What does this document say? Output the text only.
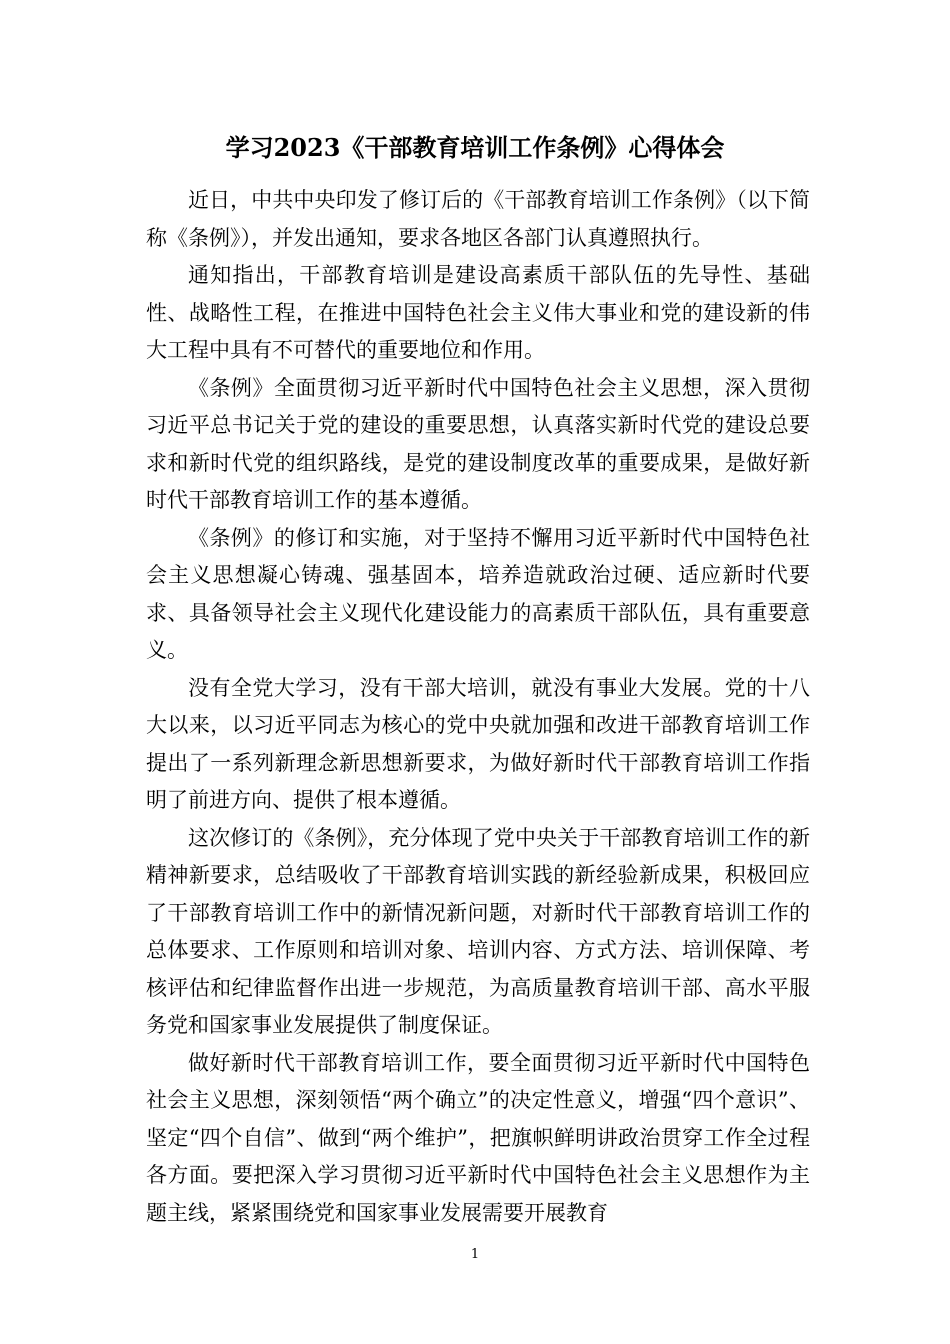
学习2023《干部教育培训工作条例》心得体会

近日，中共中央印发了修订后的《干部教育培训工作条例》（以下简称《条例》），并发出通知，要求各地区各部门认真遵照执行。

通知指出，干部教育培训是建设高素质干部队伍的先导性、基础性、战略性工程，在推进中国特色社会主义伟大事业和党的建设新的伟大工程中具有不可替代的重要地位和作用。

《条例》全面贯彻习近平新时代中国特色社会主义思想，深入贯彻习近平总书记关于党的建设的重要思想，认真落实新时代党的建设总要求和新时代党的组织路线，是党的建设制度改革的重要成果，是做好新时代干部教育培训工作的基本遵循。

《条例》的修订和实施，对于坚持不懈用习近平新时代中国特色社会主义思想凝心铸魂、强基固本，培养造就政治过硬、适应新时代要求、具备领导社会主义现代化建设能力的高素质干部队伍，具有重要意义。

没有全党大学习，没有干部大培训，就没有事业大发展。党的十八大以来，以习近平同志为核心的党中央就加强和改进干部教育培训工作提出了一系列新理念新思想新要求，为做好新时代干部教育培训工作指明了前进方向、提供了根本遵循。

这次修订的《条例》，充分体现了党中央关于干部教育培训工作的新精神新要求，总结吸收了干部教育培训实践的新经验新成果，积极回应了干部教育培训工作中的新情况新问题，对新时代干部教育培训工作的总体要求、工作原则和培训对象、培训内容、方式方法、培训保障、考核评估和纪律监督作出进一步规范，为高质量教育培训干部、高水平服务党和国家事业发展提供了制度保证。

做好新时代干部教育培训工作，要全面贯彻习近平新时代中国特色社会主义思想，深刻领悟“两个确立”的决定性意义，增强“四个意识”、坚定“四个自信”、做到“两个维护”，把旗帜鲜明讲政治贯穿工作全过程各方面。要把深入学习贯彻习近平新时代中国特色社会主义思想作为主题主线，紧紧围绕党和国家事业发展需要开展教育

1
